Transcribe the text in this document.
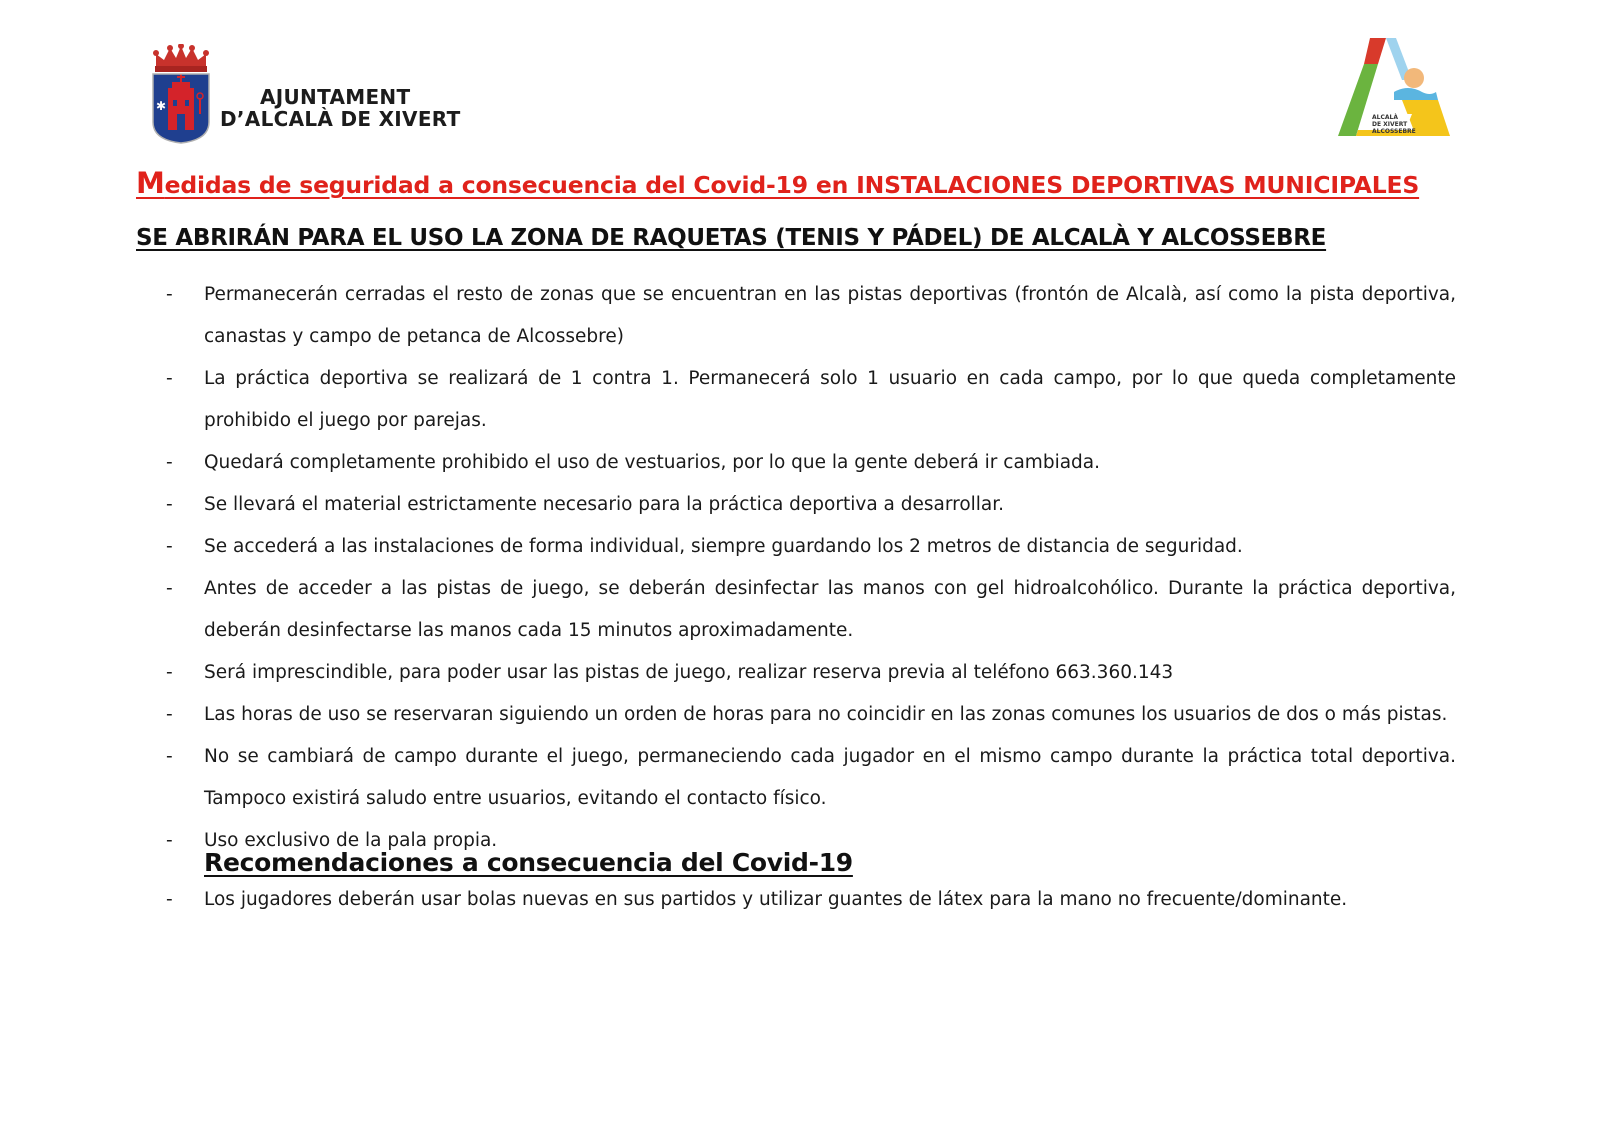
✱	AJUNTAMENT
D’ALCALÀ DE XIVERT	ALCALÀ
DE XIVERT
ALCOSSEBRE
Medidas de seguridad a consecuencia del Covid-19 en INSTALACIONES DEPORTIVAS MUNICIPALES
SE ABRIRÁN PARA EL USO LA ZONA DE RAQUETAS (TENIS Y PÁDEL) DE ALCALÀ Y ALCOSSEBRE
- Permanecerán cerradas el resto de zonas que se encuentran en las pistas deportivas (frontón de Alcalà, así como la pista deportiva, canastas y campo de petanca de Alcossebre)
- La práctica deportiva se realizará de 1 contra 1. Permanecerá solo 1 usuario en cada campo, por lo que queda completamente prohibido el juego por parejas.
- Quedará completamente prohibido el uso de vestuarios, por lo que la gente deberá ir cambiada.
- Se llevará el material estrictamente necesario para la práctica deportiva a desarrollar.
- Se accederá a las instalaciones de forma individual, siempre guardando los 2 metros de distancia de seguridad.
- Antes de acceder a las pistas de juego, se deberán desinfectar las manos con gel hidroalcohólico. Durante la práctica deportiva, deberán desinfectarse las manos cada 15 minutos aproximadamente.
- Será imprescindible, para poder usar las pistas de juego, realizar reserva previa al teléfono 663.360.143
- Las horas de uso se reservaran siguiendo un orden de horas para no coincidir en las zonas comunes los usuarios de dos o más pistas.
- No se cambiará de campo durante el juego, permaneciendo cada jugador en el mismo campo durante la práctica total deportiva. Tampoco existirá saludo entre usuarios, evitando el contacto físico.
- Uso exclusivo de la pala propia.
Recomendaciones a consecuencia del Covid-19
- Los jugadores deberán usar bolas nuevas en sus partidos y utilizar guantes de látex para la mano no frecuente/dominante.
